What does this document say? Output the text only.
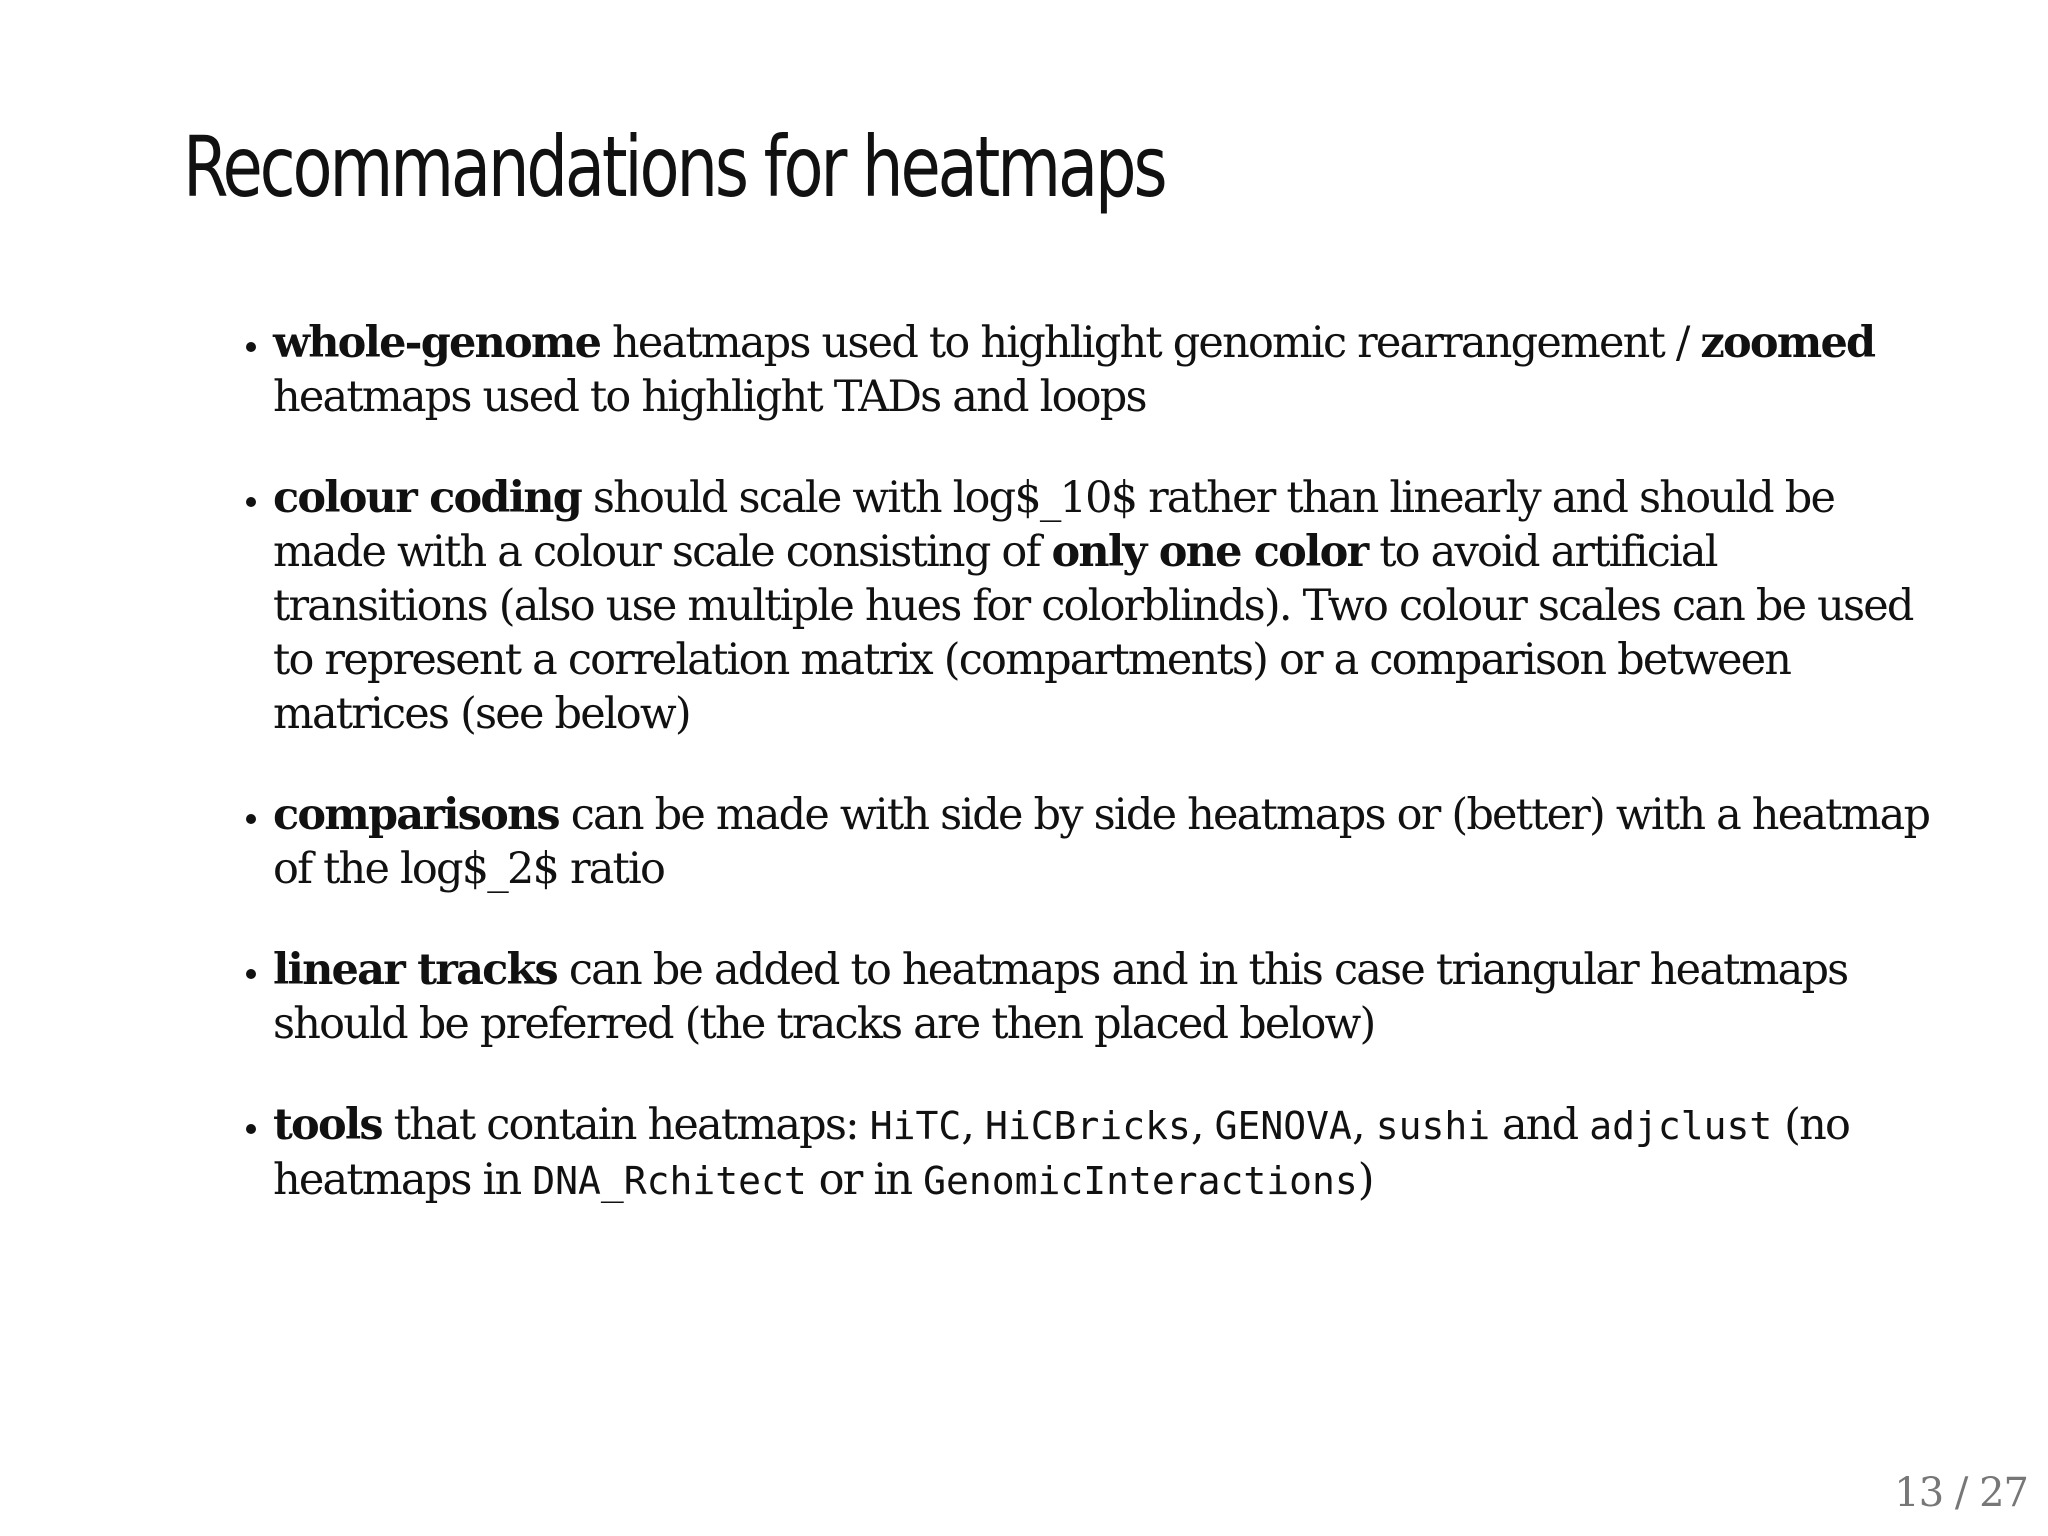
Recommandations for heatmaps
• whole-genome heatmaps used to highlight genomic rearrangement / zoomed heatmaps used to highlight TADs and loops
• colour coding should scale with log$_10$ rather than linearly and should be made with a colour scale consisting of only one color to avoid artificial transitions (also use multiple hues for colorblinds). Two colour scales can be used to represent a correlation matrix (compartments) or a comparison between matrices (see below)
• comparisons can be made with side by side heatmaps or (better) with a heatmap of the log$_2$ ratio
• linear tracks can be added to heatmaps and in this case triangular heatmaps should be preferred (the tracks are then placed below)
• tools that contain heatmaps: HiTC, HiCBricks, GENOVA, sushi and adjclust (no heatmaps in DNA_Rchitect or in GenomicInteractions)
13 / 27
